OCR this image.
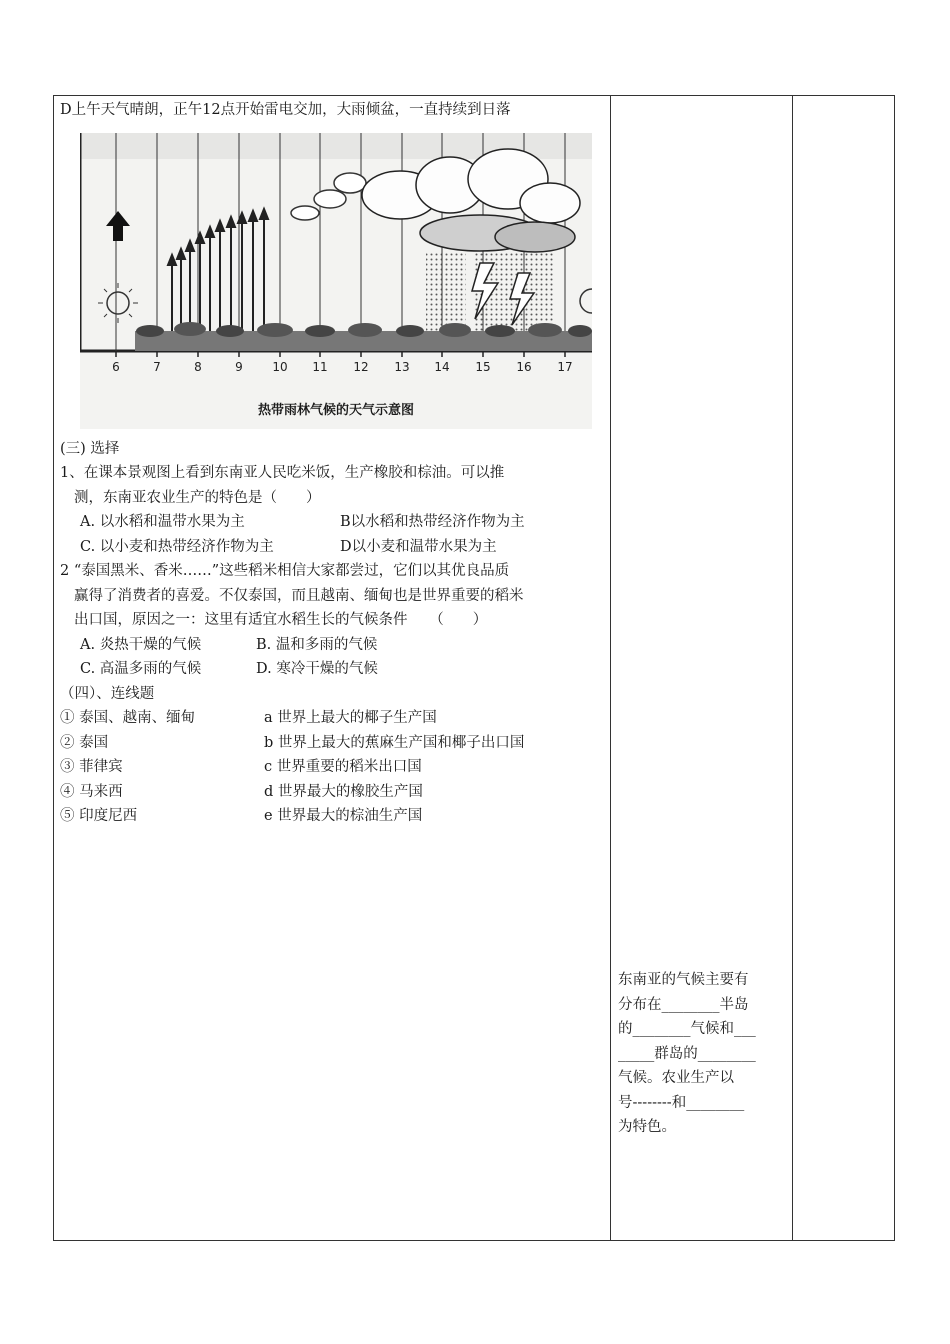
D上午天气晴朗，正午12点开始雷电交加，大雨倾盆，一直持续到日落
6	7	8	9 10 11 12 13 14 15 16 17
热带雨林气候的天气示意图
(三) 选择
1、在课本景观图上看到东南亚人民吃米饭，生产橡胶和棕油。可以推
测，东南亚农业生产的特色是（　　）
A. 以水稻和温带水果为主	B以水稻和热带经济作物为主
C. 以小麦和热带经济作物为主	D以小麦和温带水果为主
2 “泰国黑米、香米……”这些稻米相信大家都尝过，它们以其优良品质
赢得了消费者的喜爱。不仅泰国，而且越南、缅甸也是世界重要的稻米
出口国，原因之一：这里有适宜水稻生长的气候条件　　（　　）
A. 炎热干燥的气候	B. 温和多雨的气候
C. 高温多雨的气候	D. 寒冷干燥的气候
（四）、连线题
① 泰国、越南、缅甸	a 世界上最大的椰子生产国
② 泰国	b 世界上最大的蕉麻生产国和椰子出口国
③ 菲律宾	c 世界重要的稻米出口国
④ 马来西	d 世界最大的橡胶生产国
⑤ 印度尼西	e 世界最大的棕油生产国
东南亚的气候主要有
分布在________半岛
的________气候和___
_____群岛的________
气候。农业生产以
号--------和________
为特色。
